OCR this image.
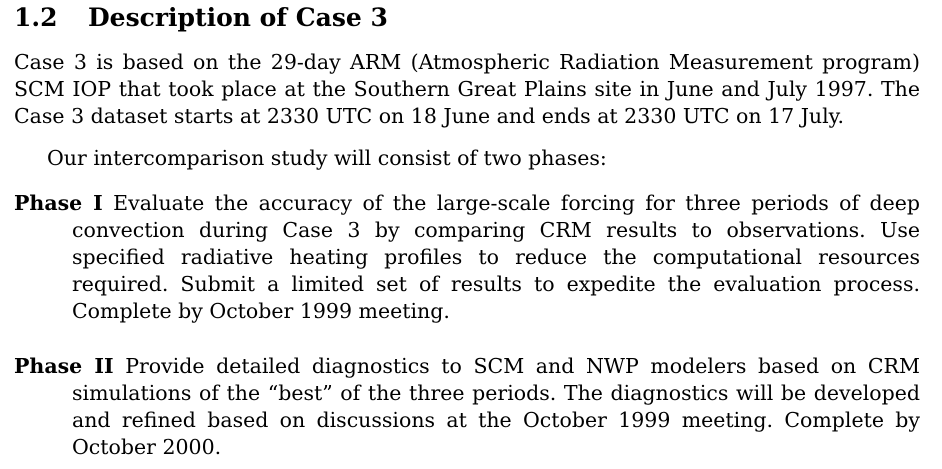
1.2 Description of Case 3
Case 3 is based on the 29-day ARM (Atmospheric Radiation Measurement program) SCM IOP that took place at the Southern Great Plains site in June and July 1997. The Case 3 dataset starts at 2330 UTC on 18 June and ends at 2330 UTC on 17 July.
Our intercomparison study will consist of two phases:
Phase I Evaluate the accuracy of the large-scale forcing for three periods of deep convection during Case 3 by comparing CRM results to observations. Use specified radiative heating profiles to reduce the computational resources required. Submit a limited set of results to expedite the evaluation process. Complete by October 1999 meeting.
Phase II Provide detailed diagnostics to SCM and NWP modelers based on CRM simulations of the “best” of the three periods. The diagnostics will be developed and refined based on discussions at the October 1999 meeting. Complete by October 2000.
